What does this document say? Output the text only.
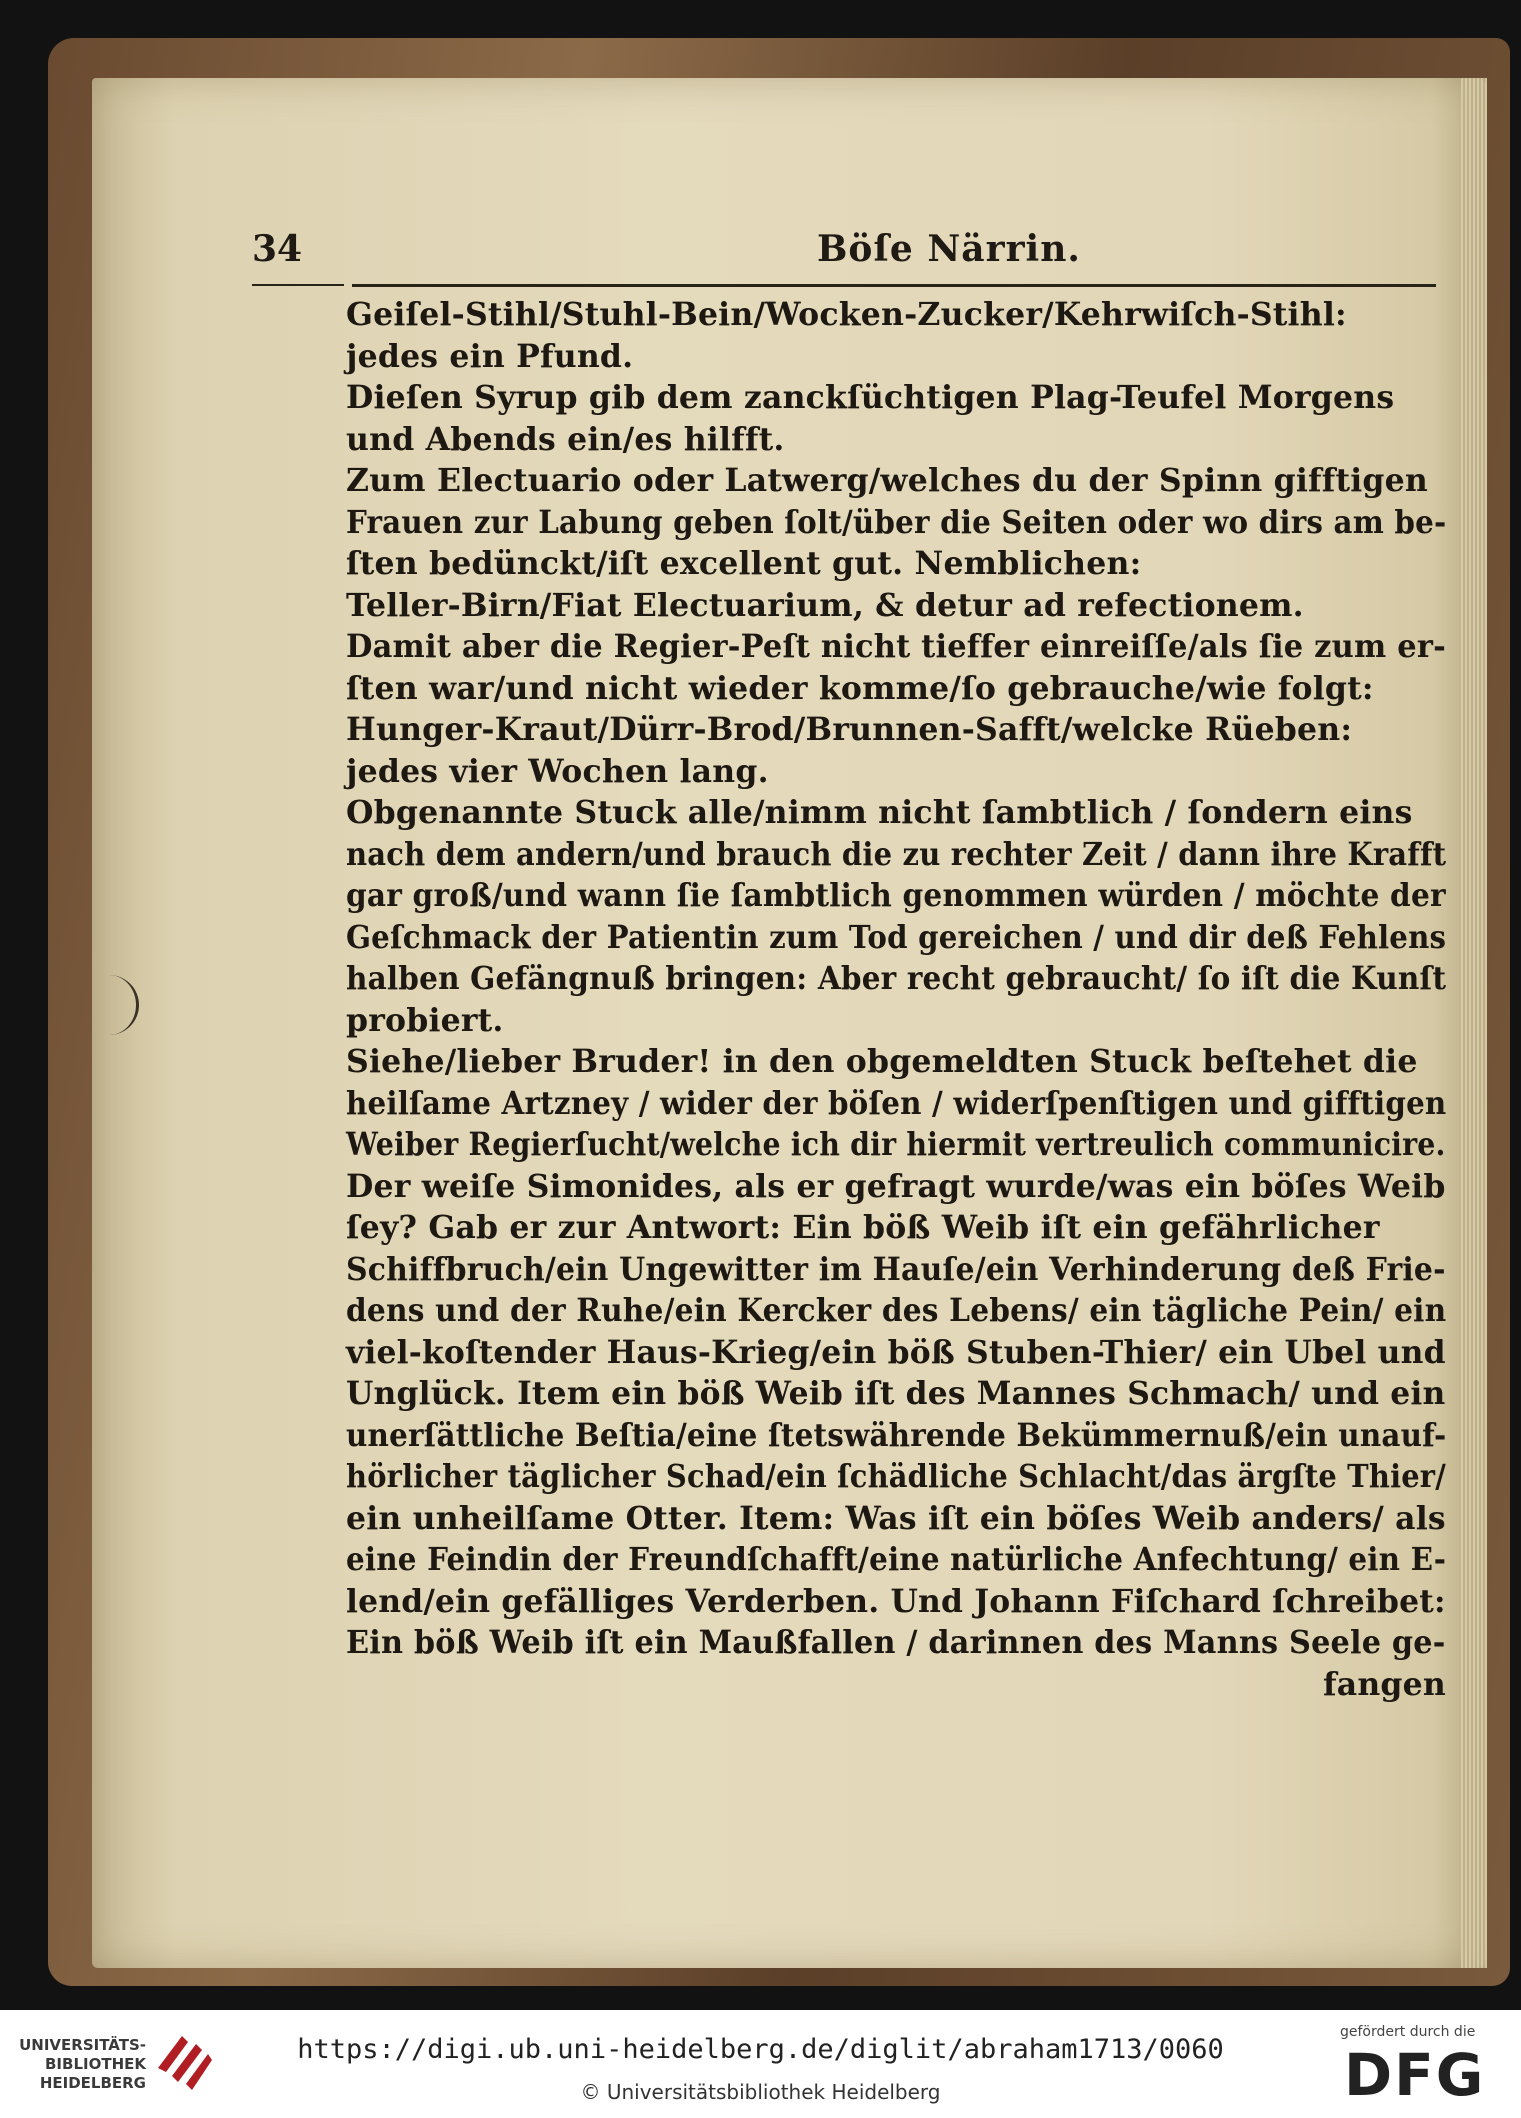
34	Böſe Närrin.
Geiſel-Stihl/Stuhl-Bein/Wocken-Zucker/Kehrwiſch-Stihl:
jedes ein Pfund.
Dieſen Syrup gib dem zanckſüchtigen Plag-Teufel Morgens
und Abends ein/es hilfft.
Zum Electuario oder Latwerg/welches du der Spinn gifftigen
Frauen zur Labung geben ſolt/über die Seiten oder wo dirs am be-
ſten bedünckt/iſt excellent gut. Nemblichen:
Teller-Birn/Fiat Electuarium, & detur ad refectionem.
Damit aber die Regier-Peſt nicht tieffer einreiſſe/als ſie zum er-
ſten war/und nicht wieder komme/ſo gebrauche/wie folgt:
Hunger-Kraut/Dürr-Brod/Brunnen-Safft/welcke Rüeben:
jedes vier Wochen lang.
Obgenannte Stuck alle/nimm nicht ſambtlich / ſondern eins
nach dem andern/und brauch die zu rechter Zeit / dann ihre Krafft
gar groß/und wann ſie ſambtlich genommen würden / möchte der
Geſchmack der Patientin zum Tod gereichen / und dir deß Fehlens
halben Gefängnuß bringen: Aber recht gebraucht/ ſo iſt die Kunſt
probiert.
Siehe/lieber Bruder! in den obgemeldten Stuck beſtehet die
heilſame Artzney / wider der böſen / widerſpenſtigen und gifftigen
Weiber Regierſucht/welche ich dir hiermit vertreulich communicire.
Der weiſe Simonides, als er gefragt wurde/was ein böſes Weib
ſey? Gab er zur Antwort: Ein böß Weib iſt ein gefährlicher
Schiffbruch/ein Ungewitter im Hauſe/ein Verhinderung deß Frie-
dens und der Ruhe/ein Kercker des Lebens/ ein tägliche Pein/ ein
viel-koſtender Haus-Krieg/ein böß Stuben-Thier/ ein Ubel und
Unglück. Item ein böß Weib iſt des Mannes Schmach/ und ein
unerſättliche Beſtia/eine ſtetswährende Bekümmernuß/ein unauf-
hörlicher täglicher Schad/ein ſchädliche Schlacht/das ärgſte Thier/
ein unheilſame Otter. Item: Was iſt ein böſes Weib anders/ als
eine Feindin der Freundſchafft/eine natürliche Anfechtung/ ein E-
lend/ein gefälliges Verderben. Und Johann Fiſchard ſchreibet:
Ein böß Weib iſt ein Maußfallen / darinnen des Manns Seele ge-
fangen
UNIVERSITÄTS-
BIBLIOTHEK
HEIDELBERG
https://digi.ub.uni-heidelberg.de/diglit/abraham1713/0060
© Universitätsbibliothek Heidelberg
gefördert durch die
DFG
